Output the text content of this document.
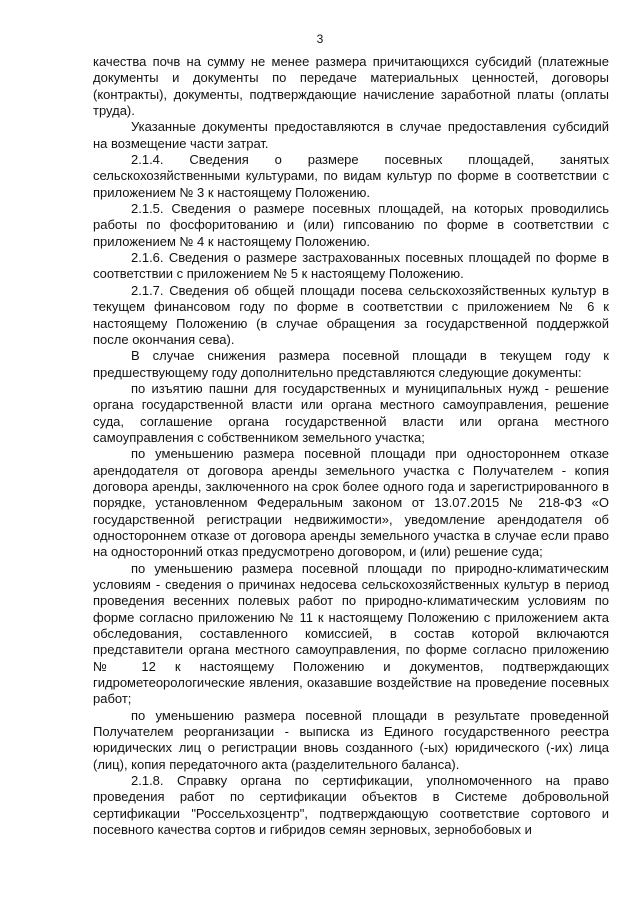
3

качества почв на сумму не менее размера причитающихся субсидий (платежные документы и документы по передаче материальных ценностей, договоры (контракты), документы, подтверждающие начисление заработной платы (оплаты труда).

Указанные документы предоставляются в случае предоставления субсидий на возмещение части затрат.

2.1.4. Сведения о размере посевных площадей, занятых сельскохозяйственными культурами, по видам культур по форме в соответствии с приложением № 3 к настоящему Положению.

2.1.5. Сведения о размере посевных площадей, на которых проводились работы по фосфоритованию и (или) гипсованию по форме в соответствии с приложением № 4 к настоящему Положению.

2.1.6. Сведения о размере застрахованных посевных площадей по форме в соответствии с приложением № 5 к настоящему Положению.

2.1.7. Сведения об общей площади посева сельскохозяйственных культур в текущем финансовом году по форме в соответствии с приложением № 6 к настоящему Положению (в случае обращения за государственной поддержкой после окончания сева).

В случае снижения размера посевной площади в текущем году к предшествующему году дополнительно представляются следующие документы:

по изъятию пашни для государственных и муниципальных нужд - решение органа государственной власти или органа местного самоуправления, решение суда, соглашение органа государственной власти или органа местного самоуправления с собственником земельного участка;

по уменьшению размера посевной площади при одностороннем отказе арендодателя от договора аренды земельного участка с Получателем - копия договора аренды, заключенного на срок более одного года и зарегистрированного в порядке, установленном Федеральным законом от 13.07.2015 № 218-ФЗ «О государственной регистрации недвижимости», уведомление арендодателя об одностороннем отказе от договора аренды земельного участка в случае если право на односторонний отказ предусмотрено договором, и (или) решение суда;

по уменьшению размера посевной площади по природно-климатическим условиям - сведения о причинах недосева сельскохозяйственных культур в период проведения весенних полевых работ по природно-климатическим условиям по форме согласно приложению № 11 к настоящему Положению с приложением акта обследования, составленного комиссией, в состав которой включаются представители органа местного самоуправления, по форме согласно приложению № 12 к настоящему Положению и документов, подтверждающих гидрометеорологические явления, оказавшие воздействие на проведение посевных работ;

по уменьшению размера посевной площади в результате проведенной Получателем реорганизации - выписка из Единого государственного реестра юридических лиц о регистрации вновь созданного (-ых) юридического (-их) лица (лиц), копия передаточного акта (разделительного баланса).

2.1.8. Справку органа по сертификации, уполномоченного на право проведения работ по сертификации объектов в Системе добровольной сертификации "Россельхозцентр", подтверждающую соответствие сортового и посевного качества сортов и гибридов семян зерновых, зернобобовых и
